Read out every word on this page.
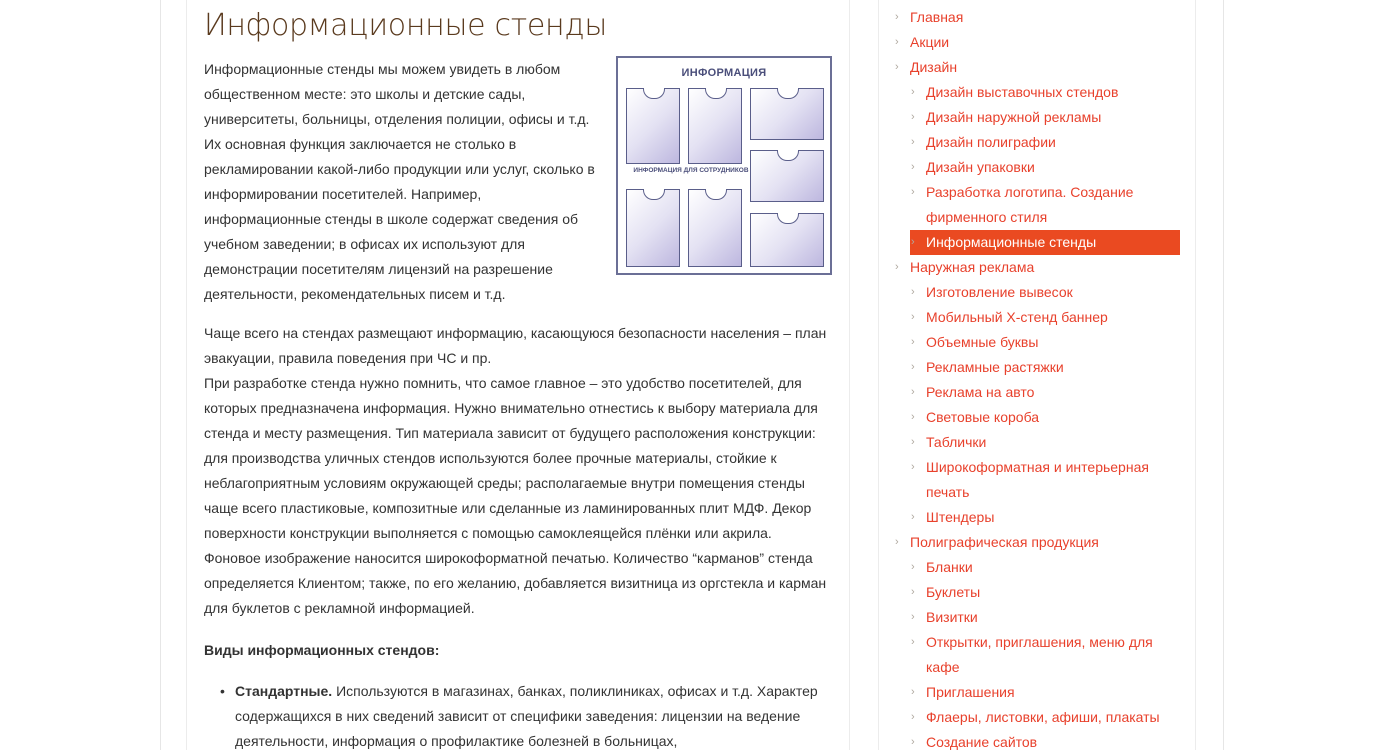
Информационные стенды
ИНФОРМАЦИЯ
ИНФОРМАЦИЯ ДЛЯ СОТРУДНИКОВ

Информационные стенды мы можем увидеть в любом общественном месте: это школы и детские сады, университеты, больницы, отделения полиции, офисы и т.д. Их основная функция заключается не столько в рекламировании какой-либо продукции или услуг, сколько в информировании посетителей. Например, информационные стенды в школе содержат сведения об учебном заведении; в офисах их используют для демонстрации посетителям лицензий на разрешение деятельности, рекомендательных писем и т.д.

Чаще всего на стендах размещают информацию, касающуюся безопасности населения – план эвакуации, правила поведения при ЧС и пр.

При разработке стенда нужно помнить, что самое главное – это удобство посетителей, для которых предназначена информация. Нужно внимательно отнестись к выбору материала для стенда и месту размещения. Тип материала зависит от будущего расположения конструкции: для производства уличных стендов используются более прочные материалы, стойкие к неблагоприятным условиям окружающей среды; располагаемые внутри помещения стенды чаще всего пластиковые, композитные или сделанные из ламинированных плит МДФ. Декор поверхности конструкции выполняется с помощью самоклеящейся плёнки или акрила. Фоновое изображение наносится широкоформатной печатью. Количество “карманов” стенда определяется Клиентом; также, по его желанию, добавляется визитница из оргстекла и карман для буклетов с рекламной информацией.

Виды информационных стендов:
• Стандартные. Используются в магазинах, банках, поликлиниках, офисах и т.д. Характер содержащихся в них сведений зависит от специфики заведения: лицензии на ведение деятельности, информация о профилактике болезней в больницах,
› Главная
› Акции
› Дизайн
› Дизайн выставочных стендов
› Дизайн наружной рекламы
› Дизайн полиграфии
› Дизайн упаковки
› Разработка логотипа. Создание
фирменного стиля
› Информационные стенды
› Наружная реклама
› Изготовление вывесок
› Мобильный Х-стенд баннер
› Объемные буквы
› Рекламные растяжки
› Реклама на авто
› Световые короба
› Таблички
› Широкоформатная и интерьерная
печать
› Штендеры
› Полиграфическая продукция
› Бланки
› Буклеты
› Визитки
› Открытки, приглашения, меню для
кафе
› Приглашения
› Флаеры, листовки, афиши, плакаты
› Создание сайтов
